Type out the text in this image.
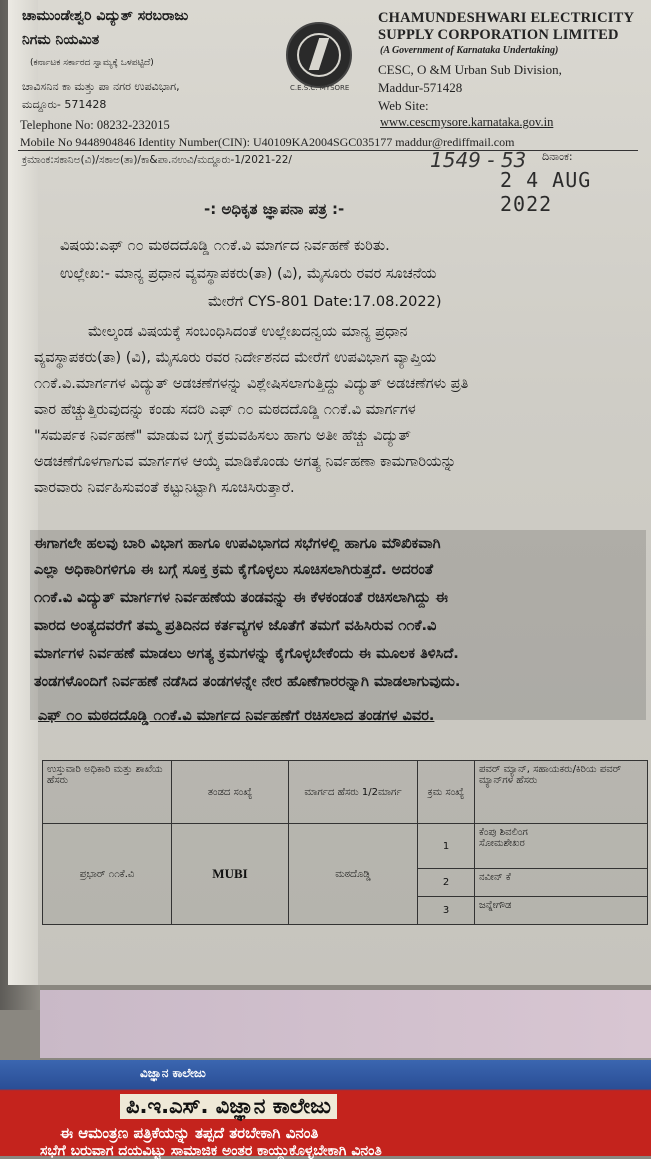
ಚಾಮುಂಡೇಶ್ವರಿ ವಿದ್ಯುತ್ ಸರಬರಾಜು
ನಿಗಮ ನಿಯಮಿತ
(ಕರ್ನಾಟಕ ಸರ್ಕಾರದ ಸ್ವಾಮ್ಯಕ್ಕೆ ಒಳಪಟ್ಟಿದೆ)
ಚಾವಿಸನಿನ ಕಾ ಮತ್ತು ಪಾ ನಗರ ಉಪವಿಭಾಗ,
ಮದ್ದೂರು- 571428
Telephone No: 08232-232015
Mobile No 9448904846 Identity Number(CIN): U40109KA2004SGC035177 maddur@rediffmail.com
C.E.S.C. MYSORE
CHAMUNDESHWARI ELECTRICITY
SUPPLY CORPORATION LIMITED
(A Government of Karnataka Undertaking)
CESC, O &M Urban Sub Division,
Maddur-571428
Web Site:
www.cescmysore.karnataka.gov.in
ಕ್ರಮಾಂಕ:ಸಕಾನಿಅ(ವಿ)/ಸಕಾಅ(ತಾ)/ಕಾ&ಪಾ.ನಉವಿ/ಮದ್ದೂರು-1/2021-22/	1549 - 53 ದಿನಾಂಕ:
2 4 AUG 2022
-: ಅಧಿಕೃತ ಜ್ಞಾಪನಾ ಪತ್ರ :-
ವಿಷಯ:ಎಫ್ ೧೦ ಮಠದದೊಡ್ಡಿ ೧೧ಕೆ.ವಿ ಮಾರ್ಗದ ನಿರ್ವಹಣೆ ಕುರಿತು.
ಉಲ್ಲೇಖ:- ಮಾನ್ಯ ಪ್ರಧಾನ ವ್ಯವಸ್ಥಾಪಕರು(ತಾ) (ವಿ), ಮೈಸೂರು ರವರ ಸೂಚನೆಯ
ಮೇರೆಗೆ CYS-801 Date:17.08.2022)
ಮೇಲ್ಕಂಡ ವಿಷಯಕ್ಕೆ ಸಂಬಂಧಿಸಿದಂತೆ ಉಲ್ಲೇಖದನ್ವಯ ಮಾನ್ಯ ಪ್ರಧಾನ
ವ್ಯವಸ್ಥಾಪಕರು(ತಾ) (ವಿ), ಮೈಸೂರು ರವರ ನಿರ್ದೇಶನದ ಮೇರೆಗೆ ಉಪವಿಭಾಗ ವ್ಯಾಪ್ತಿಯ
೧೧ಕೆ.ವಿ.ಮಾರ್ಗಗಳ ವಿದ್ಯುತ್ ಅಡಚಣೆಗಳನ್ನು ವಿಶ್ಲೇಷಿಸಲಾಗುತ್ತಿದ್ದು ವಿದ್ಯುತ್ ಅಡಚಣೆಗಳು ಪ್ರತಿ
ವಾರ ಹೆಚ್ಚುತ್ತಿರುವುದನ್ನು ಕಂಡು ಸದರಿ ಎಫ್ ೧೦ ಮಠದದೊಡ್ಡಿ ೧೧ಕೆ.ವಿ ಮಾರ್ಗಗಳ
"ಸಮರ್ಪಕ ನಿರ್ವಹಣೆ" ಮಾಡುವ ಬಗ್ಗೆ ಕ್ರಮವಹಿಸಲು ಹಾಗು ಅತೀ ಹೆಚ್ಚು ವಿದ್ಯುತ್
ಅಡಚಣೆಗೊಳಗಾಗುವ ಮಾರ್ಗಗಳ ಆಯ್ಕೆ ಮಾಡಿಕೊಂಡು ಅಗತ್ಯ ನಿರ್ವಹಣಾ ಕಾಮಗಾರಿಯನ್ನು
ವಾರವಾರು ನಿರ್ವಹಿಸುವಂತೆ ಕಟ್ಟುನಿಟ್ಟಾಗಿ ಸೂಚಿಸಿರುತ್ತಾರೆ.
ಈಗಾಗಲೇ ಹಲವು ಬಾರಿ ವಿಭಾಗ ಹಾಗೂ ಉಪವಿಭಾಗದ ಸಭೆಗಳಲ್ಲಿ ಹಾಗೂ ಮೌಖಿಕವಾಗಿ
ಎಲ್ಲಾ ಅಧಿಕಾರಿಗಳಿಗೂ ಈ ಬಗ್ಗೆ ಸೂಕ್ತ ಕ್ರಮ ಕೈಗೊಳ್ಳಲು ಸೂಚಿಸಲಾಗಿರುತ್ತದೆ. ಅದರಂತೆ
೧೧ಕೆ.ವಿ ವಿದ್ಯುತ್ ಮಾರ್ಗಗಳ ನಿರ್ವಹಣೆಯ ತಂಡವನ್ನು ಈ ಕೆಳಕಂಡಂತೆ ರಚಿಸಲಾಗಿದ್ದು ಈ
ವಾರದ ಅಂತ್ಯದವರೆಗೆ ತಮ್ಮ ಪ್ರತಿದಿನದ ಕರ್ತವ್ಯಗಳ ಜೊತೆಗೆ ತಮಗೆ ವಹಿಸಿರುವ ೧೧ಕೆ.ವಿ
ಮಾರ್ಗಗಳ ನಿರ್ವಹಣೆ ಮಾಡಲು ಅಗತ್ಯ ಕ್ರಮಗಳನ್ನು ಕೈಗೊಳ್ಳಬೇಕೆಂದು ಈ ಮೂಲಕ ತಿಳಿಸಿದೆ.
ತಂಡಗಳೊಂದಿಗೆ ನಿರ್ವಹಣೆ ನಡೆಸಿದ ತಂಡಗಳನ್ನೇ ನೇರ ಹೊಣೆಗಾರರನ್ನಾಗಿ ಮಾಡಲಾಗುವುದು.
ಎಫ್ ೧೦ ಮಠದದೊಡ್ಡಿ ೧೧ಕೆ.ವಿ ಮಾರ್ಗದ ನಿರ್ವಹಣೆಗೆ ರಚಿಸಲಾದ ತಂಡಗಳ ವಿವರ.
ಉಸ್ತುವಾರಿ ಅಧಿಕಾರಿ ಮತ್ತು ಶಾಖೆಯ ಹೆಸರು	ತಂಡದ ಸಂಖ್ಯೆ	ಮಾರ್ಗದ ಹೆಸರು 1/2ಮಾರ್ಗ	ಕ್ರಮ ಸಂಖ್ಯೆ	ಪವರ್ ಮ್ಯಾನ್, ಸಹಾಯಕರು/ಕಿರಿಯ ಪವರ್ ಮ್ಯಾನ್‌ಗಳ ಹೆಸರು
ಪ್ರಭಾರ್ ೧೧ಕೆ.ವಿ	MUBI	ಮಠದೊಡ್ಡಿ	1	ಕೆಂಪು ಶಿವಲಿಂಗ
ಸೋಮಶೇಖರ
			2	ನವೀನ್ ಕೆ
			3	ಜನ್ನೇಗೌಡ
ವಿಜ್ಞಾನ ಕಾಲೇಜು
ಪಿ.ಇ.ಎಸ್. ವಿಜ್ಞಾನ ಕಾಲೇಜು
ಈ ಆಮಂತ್ರಣ ಪತ್ರಿಕೆಯನ್ನು ತಪ್ಪದೆ ತರಬೇಕಾಗಿ ವಿನಂತಿ
ಸಭೆಗೆ ಬರುವಾಗ ದಯವಿಟ್ಟು ಸಾಮಾಜಿಕ ಅಂತರ ಕಾಯ್ದುಕೊಳ್ಳಬೇಕಾಗಿ ವಿನಂತಿ
